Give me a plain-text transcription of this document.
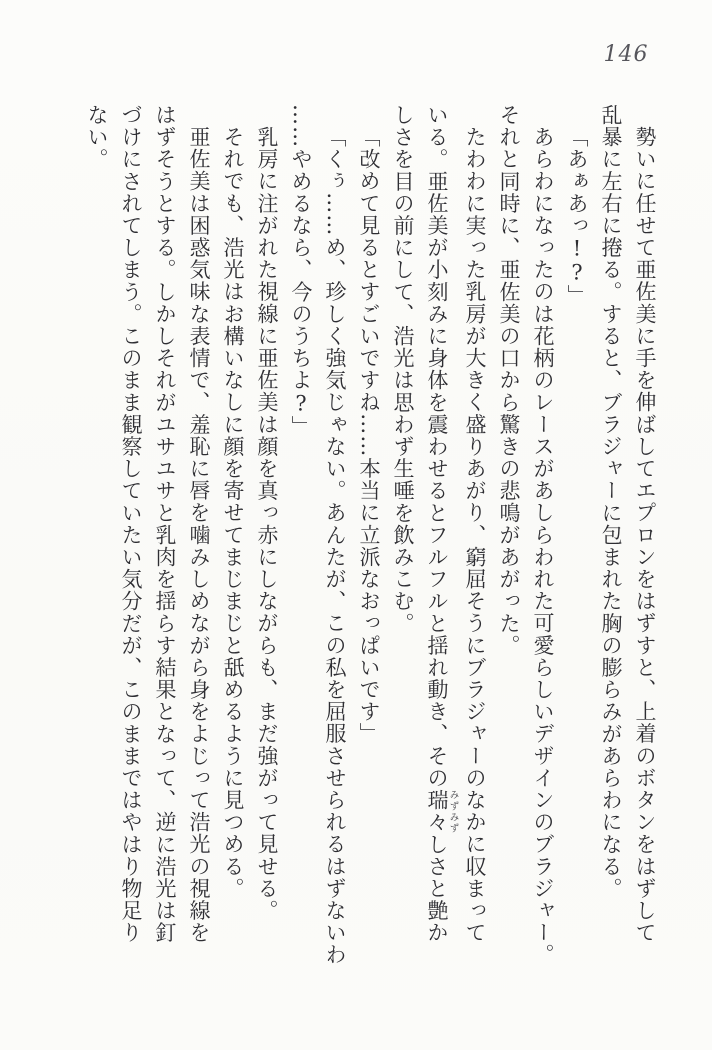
146
勢いに任せて亜佐美に手を伸ばしてエプロンをはずすと、上着のボタンをはずして
乱暴に左右に捲る。すると、ブラジャーに包まれた胸の膨らみがあらわになる。
「あぁあっ!?」
あらわになったのは花柄のレースがあしらわれた可愛らしいデザインのブラジャー。
それと同時に、亜佐美の口から驚きの悲鳴があがった。
たわわに実った乳房が大きく盛りあがり、窮屈そうにブラジャーのなかに収まって
いる。亜佐美が小刻みに身体を震わせるとフルフルと揺れ動き、その瑞々みずみずしさと艶か
しさを目の前にして、浩光は思わず生唾を飲みこむ。
「改めて見るとすごいですね……本当に立派なおっぱいです」
「くぅ……め、珍しく強気じゃない。あんたが、この私を屈服させられるはずないわ
……やめるなら、今のうちよ?」
乳房に注がれた視線に亜佐美は顔を真っ赤にしながらも、まだ強がって見せる。
それでも、浩光はお構いなしに顔を寄せてまじまじと舐めるように見つめる。
亜佐美は困惑気味な表情で、羞恥に唇を噛みしめながら身をよじって浩光の視線を
はずそうとする。しかしそれがユサユサと乳肉を揺らす結果となって、逆に浩光は釘
づけにされてしまう。このまま観察していたい気分だが、このままではやはり物足り
ない。
